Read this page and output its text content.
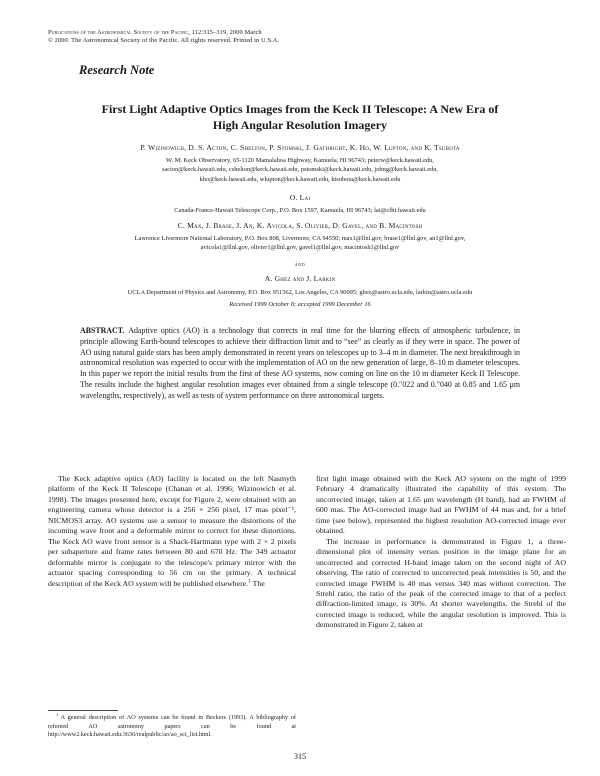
Publications of the Astronomical Society of the Pacific, 112:315–319, 2000 March
© 2000. The Astronomical Society of the Pacific. All rights reserved. Printed in U.S.A.
Research Note
First Light Adaptive Optics Images from the Keck II Telescope: A New Era of
High Angular Resolution Imagery
P. Wizinowich, D. S. Acton, C. Shelton, P. Stomski, J. Gathright, K. Ho, W. Lupton, and K. Tsubota
W. M. Keck Observatory, 65-1120 Mamalahoa Highway, Kamuela, HI 96743; peterw@keck.hawaii.edu,
sacton@keck.hawaii.edu, cshelton@keck.hawaii.edu, pstomski@keck.hawaii.edu, johng@keck.hawaii.edu,
kho@keck.hawaii.edu, wlupton@keck.hawaii.edu, ktsubota@keck.hawaii.edu
O. Lai
Canada-France-Hawaii Telescope Corp., P.O. Box 1597, Kamuela, HI 96743; lai@cfht.hawaii.edu
C. Max, J. Brase, J. An, K. Avicola, S. Olivier, D. Gavel, and B. Macintosh
Lawrence Livermore National Laboratory, P.O. Box 808, Livermore, CA 94550; max1@llnl.gov, brase1@llnl.gov, an1@llnl.gov,
avicola1@llnl.gov, olivier1@llnl.gov, gavel1@llnl.gov, macintosh1@llnl.gov
and
A. Ghez and J. Larkin
UCLA Department of Physics and Astronomy, P.O. Box 951562, Los Angeles, CA 90095; ghez@astro.ucla.edu, larkin@astro.ucla.edu
Received 1999 October 8; accepted 1999 December 16
ABSTRACT. Adaptive optics (AO) is a technology that corrects in real time for the blurring effects of atmospheric turbulence, in principle allowing Earth-bound telescopes to achieve their diffraction limit and to “see” as clearly as if they were in space. The power of AO using natural guide stars has been amply demonstrated in recent years on telescopes up to 3–4 m in diameter. The next breakthrough in astronomical resolution was expected to occur with the implementation of AO on the new generation of large, 8–10 m diameter telescopes. In this paper we report the initial results from the first of these AO systems, now coming on line on the 10 m diameter Keck II Telescope. The results include the highest angular resolution images ever obtained from a single telescope (0.″022 and 0.″040 at 0.85 and 1.65 μm wavelengths, respectively), as well as tests of system performance on three astronomical targets.

The Keck adaptive optics (AO) facility is located on the left Nasmyth platform of the Keck II Telescope (Chanan et al. 1996; Wizinowich et al. 1998). The images presented here, except for Figure 2, were obtained with an engineering camera whose detector is a 256 × 256 pixel, 17 mas pixel⁻¹, NICMOS3 array. AO systems use a sensor to measure the distortions of the incoming wave front and a deformable mirror to correct for these distortions. The Keck AO wave front sensor is a Shack-Hartmann type with 2 × 2 pixels per subaperture and frame rates between 80 and 670 Hz. The 349 actuator deformable mirror is conjugate to the telescope's primary mirror with the actuator spacing corresponding to 56 cm on the primary. A technical description of the Keck AO system will be published elsewhere.$^1$ The

first light image obtained with the Keck AO system on the night of 1999 February 4 dramatically illustrated the capability of this system. The uncorrected image, taken at 1.65 μm wavelength (H band), had an FWHM of 600 mas. The AO-corrected image had an FWHM of 44 mas and, for a brief time (see below), represented the highest resolution AO-corrected image ever obtained.

The increase in performance is demonstrated in Figure 1, a three-dimensional plot of intensity versus position in the image plane for an uncorrected and corrected H-band image taken on the second night of AO observing. The ratio of corrected to uncorrected peak intensities is 50, and the corrected image FWHM is 40 mas versus 340 mas without correction. The Strehl ratio, the ratio of the peak of the corrected image to that of a perfect diffraction-limited image, is 30%. At shorter wavelengths, the Strehl of the corrected image is reduced, while the angular resolution is improved. This is demonstrated in Figure 2, taken at

$^1$ A general description of AO systems can be found in Beckers (1993). A bibliography of refereed AO astronomy papers can be found at http://www2.keck.hawaii.edu:3636/realpublic/ao/ao_sci_list.html.

315
